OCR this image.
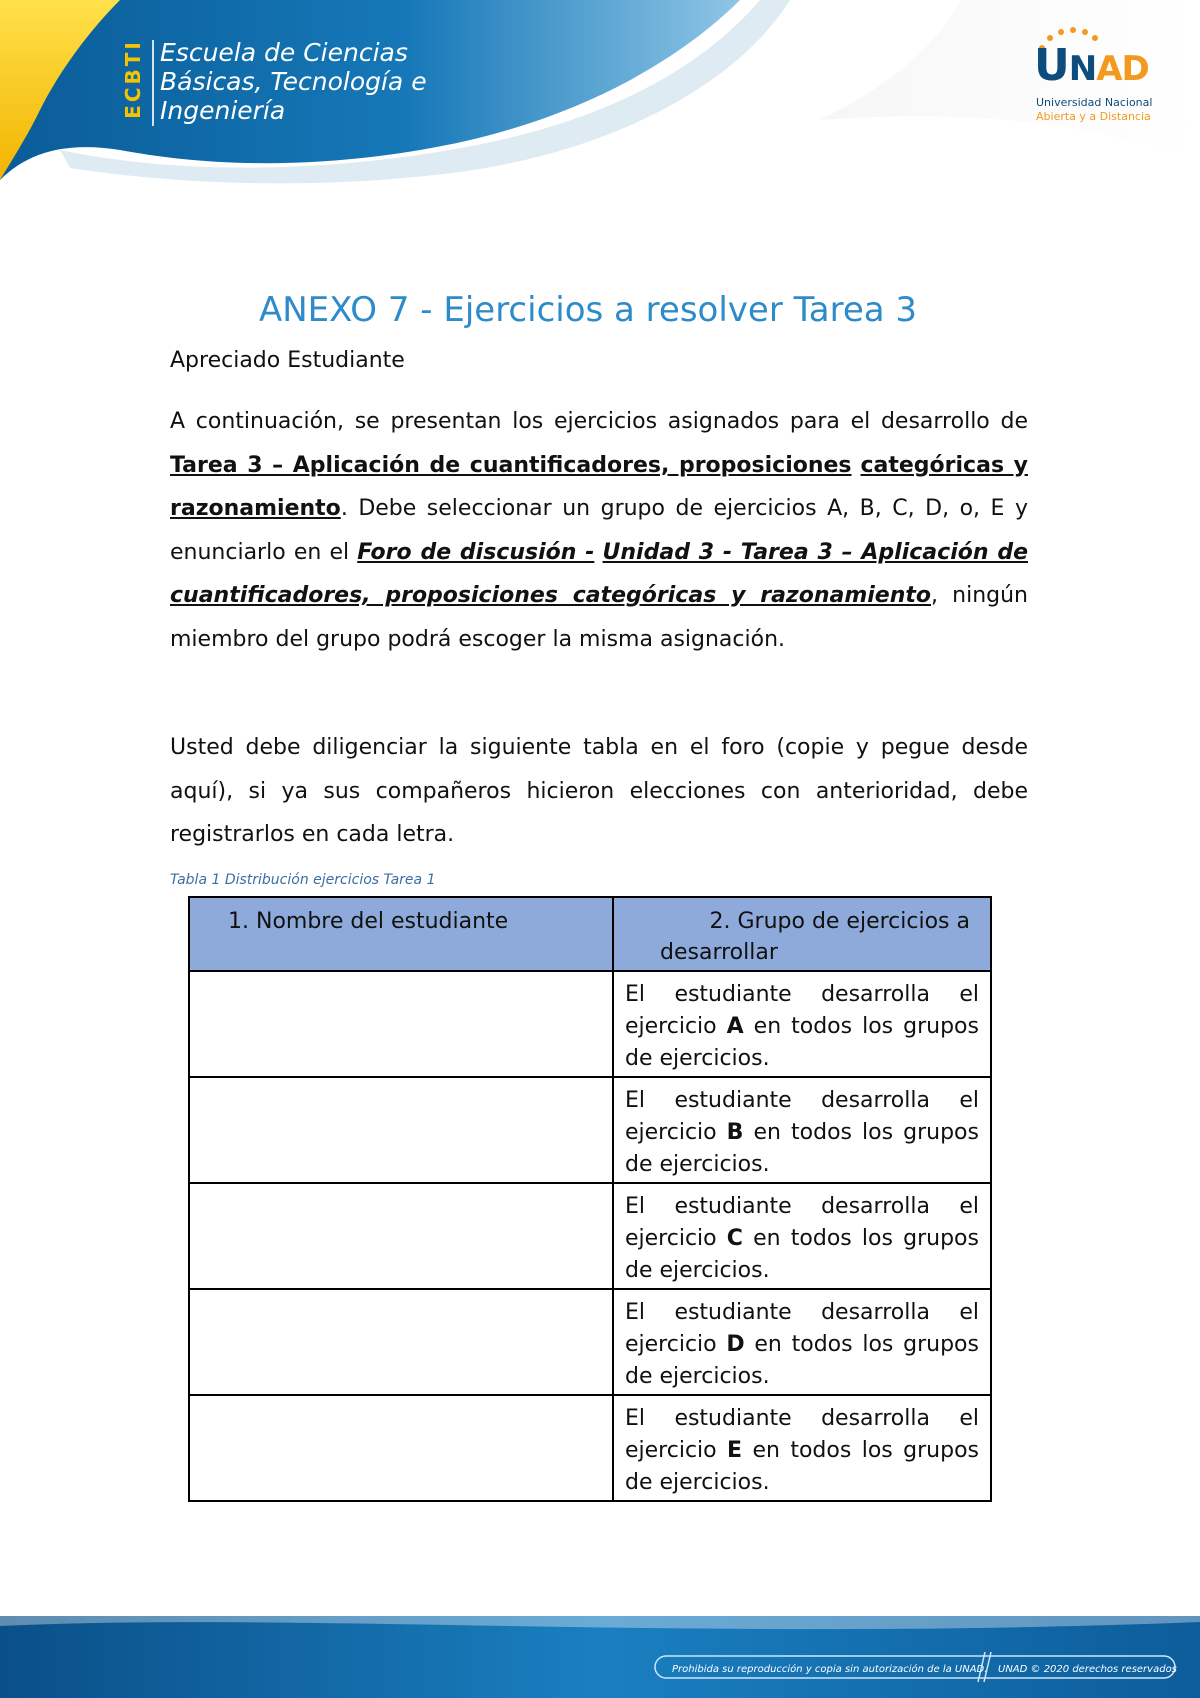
ECBTI Escuela de Ciencias
Básicas, Tecnología e
Ingeniería
UNAD
Universidad Nacional
Abierta y a Distancia
ANEXO 7 - Ejercicios a resolver Tarea 3

Apreciado Estudiante

A continuación, se presentan los ejercicios asignados para el desarrollo de Tarea 3 – Aplicación de cuantificadores, proposiciones categóricas y razonamiento. Debe seleccionar un grupo de ejercicios A, B, C, D, o, E y enunciarlo en el Foro de discusión - Unidad 3 - Tarea 3 – Aplicación de cuantificadores, proposiciones categóricas y razonamiento, ningún miembro del grupo podrá escoger la misma asignación.

Usted debe diligenciar la siguiente tabla en el foro (copie y pegue desde aquí), si ya sus compañeros hicieron elecciones con anterioridad, debe registrarlos en cada letra.

Tabla 1 Distribución ejercicios Tarea 1
1. Nombre del estudiante	2. Grupo de ejercicios a
desarrollar

	El estudiante desarrolla el ejercicio A en todos los grupos de ejercicios.

	El estudiante desarrolla el ejercicio B en todos los grupos de ejercicios.

	El estudiante desarrolla el ejercicio C en todos los grupos de ejercicios.

	El estudiante desarrolla el ejercicio D en todos los grupos de ejercicios.

	El estudiante desarrolla el ejercicio E en todos los grupos de ejercicios.
Prohibida su reproducción y copia sin autorización de la UNAD. UNAD © 2020 derechos reservados
